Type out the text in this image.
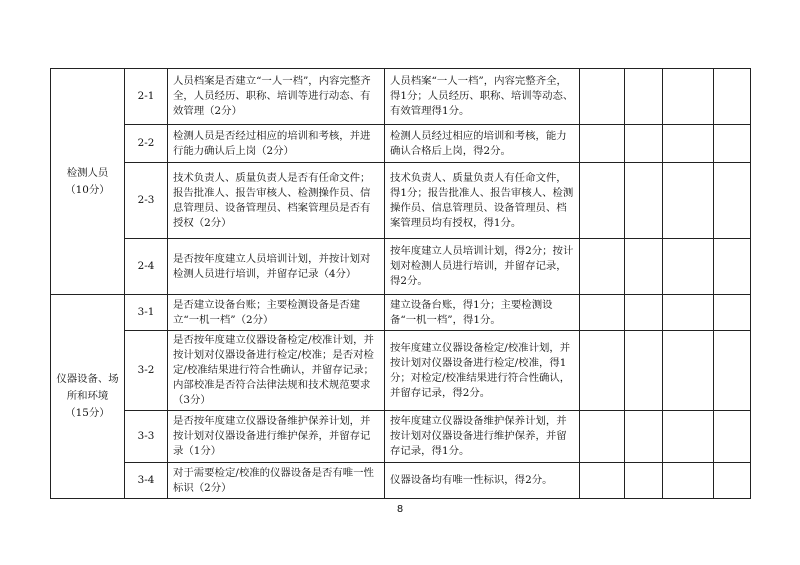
检测人员
（10分）	2-1	人员档案是否建立“一人一档”，内容完整齐全，人员经历、职称、培训等进行动态、有效管理（2分）	人员档案“一人一档”，内容完整齐全，得1分；人员经历、职称、培训等动态、有效管理得1分。				
	2-2	检测人员是否经过相应的培训和考核，并进行能力确认后上岗（2分）	检测人员经过相应的培训和考核，能力确认合格后上岗，得2分。				
	2-3	技术负责人、质量负责人是否有任命文件；报告批准人、报告审核人、检测操作员、信息管理员、设备管理员、档案管理员是否有授权（2分）	技术负责人、质量负责人有任命文件，得1分；报告批准人、报告审核人、检测操作员、信息管理员、设备管理员、档案管理员均有授权，得1分。				
	2-4	是否按年度建立人员培训计划，并按计划对检测人员进行培训，并留存记录（4分）	按年度建立人员培训计划，得2分；按计划对检测人员进行培训，并留存记录，得2分。				

仪器设备、场所和环境
（15分）	3-1	是否建立设备台账；主要检测设备是否建立“一机一档”（2分）	建立设备台账，得1分；主要检测设备“一机一档”，得1分。				
	3-2	是否按年度建立仪器设备检定/校准计划，并按计划对仪器设备进行检定/校准；是否对检定/校准结果进行符合性确认，并留存记录；内部校准是否符合法律法规和技术规范要求（3分）	按年度建立仪器设备检定/校准计划，并按计划对仪器设备进行检定/校准，得1分；对检定/校准结果进行符合性确认，并留存记录，得2分。				
	3-3	是否按年度建立仪器设备维护保养计划，并按计划对仪器设备进行维护保养，并留存记录（1分）	按年度建立仪器设备维护保养计划，并按计划对仪器设备进行维护保养，并留存记录，得1分。				
	3-4	对于需要检定/校准的仪器设备是否有唯一性标识（2分）	仪器设备均有唯一性标识，得2分。				
8
